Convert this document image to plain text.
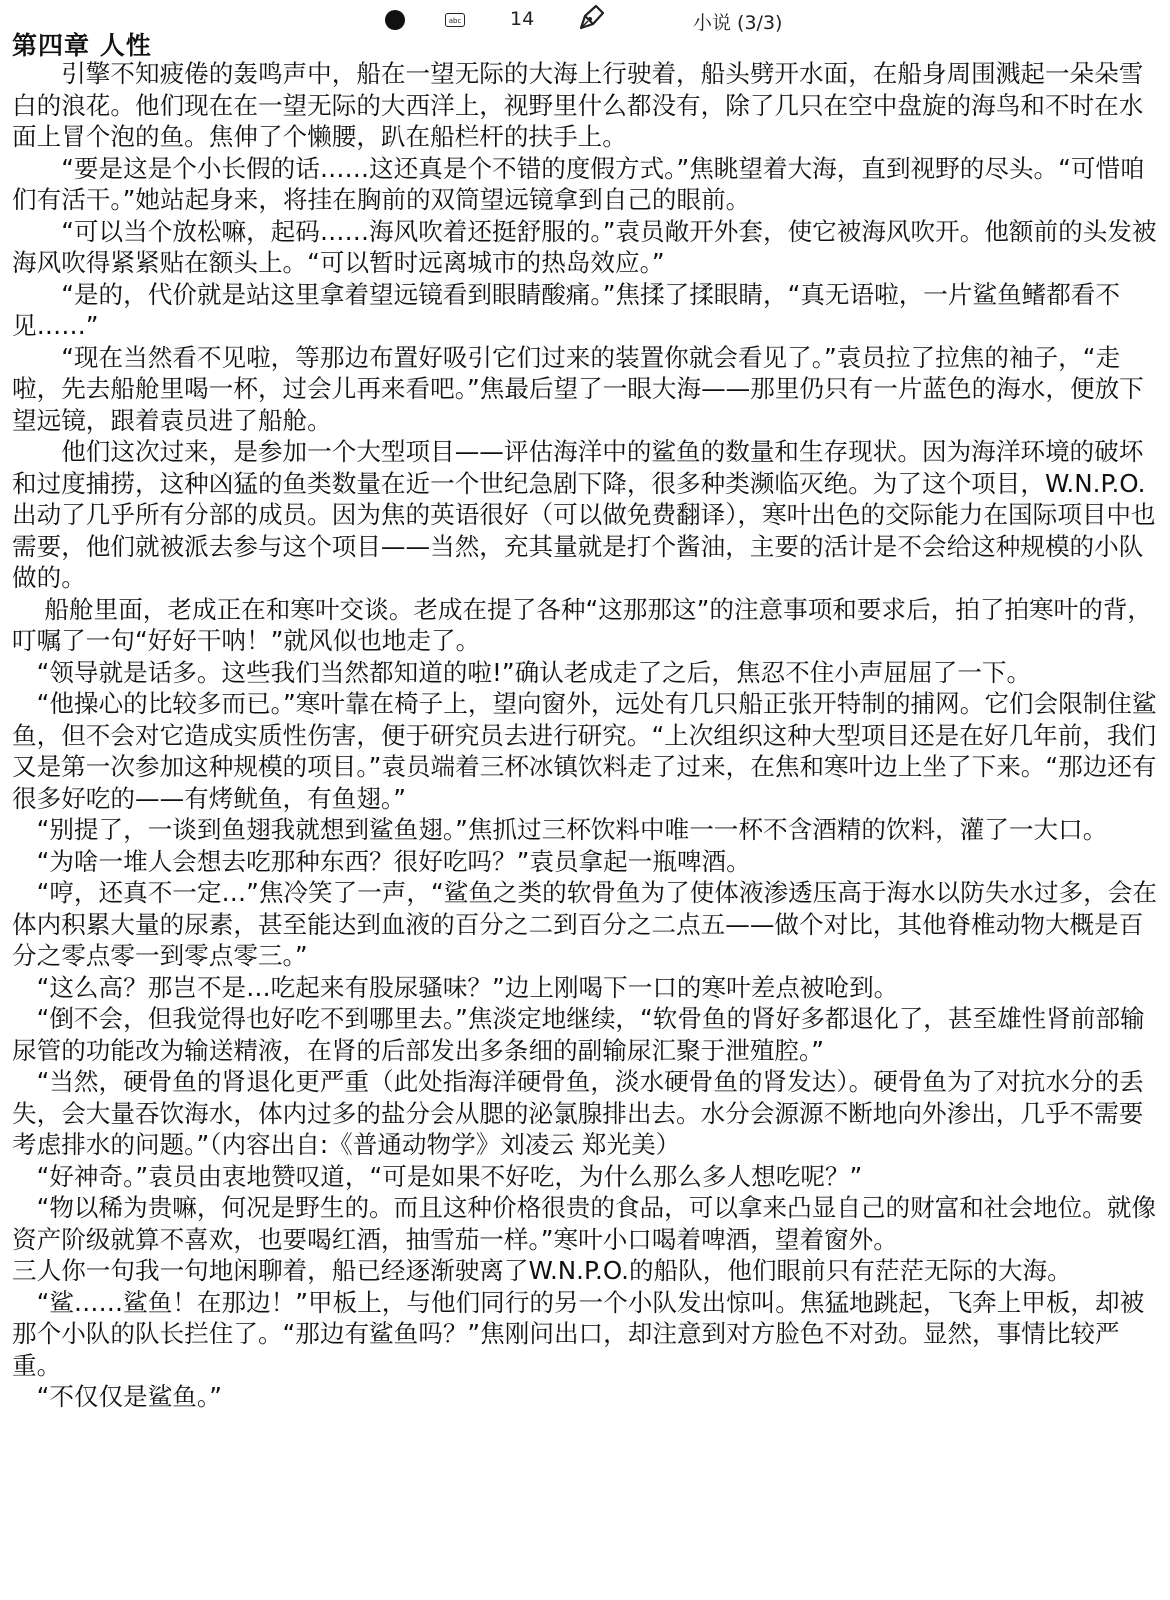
abc	14	小说 (3/3)
第四章 人性

　　引擎不知疲倦的轰鸣声中，船在一望无际的大海上行驶着，船头劈开水面，在船身周围溅起一朵朵雪白的浪花。他们现在在一望无际的大西洋上，视野里什么都没有，除了几只在空中盘旋的海鸟和不时在水面上冒个泡的鱼。焦伸了个懒腰，趴在船栏杆的扶手上。

　　“要是这是个小长假的话……这还真是个不错的度假方式。”焦眺望着大海，直到视野的尽头。“可惜咱们有活干。”她站起身来，将挂在胸前的双筒望远镜拿到自己的眼前。

　　“可以当个放松嘛，起码……海风吹着还挺舒服的。”袁员敞开外套，使它被海风吹开。他额前的头发被海风吹得紧紧贴在额头上。“可以暂时远离城市的热岛效应。”

　　“是的，代价就是站这里拿着望远镜看到眼睛酸痛。”焦揉了揉眼睛，“真无语啦，一片鲨鱼鳍都看不见……”

　　“现在当然看不见啦，等那边布置好吸引它们过来的装置你就会看见了。”袁员拉了拉焦的袖子，“走啦，先去船舱里喝一杯，过会儿再来看吧。”焦最后望了一眼大海——那里仍只有一片蓝色的海水，便放下望远镜，跟着袁员进了船舱。

　　他们这次过来，是参加一个大型项目——评估海洋中的鲨鱼的数量和生存现状。因为海洋环境的破坏和过度捕捞，这种凶猛的鱼类数量在近一个世纪急剧下降，很多种类濒临灭绝。为了这个项目，W.N.P.O.出动了几乎所有分部的成员。因为焦的英语很好（可以做免费翻译），寒叶出色的交际能力在国际项目中也需要，他们就被派去参与这个项目——当然，充其量就是打个酱油，主要的活计是不会给这种规模的小队做的。

　 船舱里面，老成正在和寒叶交谈。老成在提了各种“这那那这”的注意事项和要求后，拍了拍寒叶的背，叮嘱了一句“好好干呐！”就风似也地走了。

　“领导就是话多。这些我们当然都知道的啦!”确认老成走了之后，焦忍不住小声屈屈了一下。

　“他操心的比较多而已。”寒叶靠在椅子上，望向窗外，远处有几只船正张开特制的捕网。它们会限制住鲨鱼，但不会对它造成实质性伤害，便于研究员去进行研究。“上次组织这种大型项目还是在好几年前，我们又是第一次参加这种规模的项目。”袁员端着三杯冰镇饮料走了过来，在焦和寒叶边上坐了下来。“那边还有很多好吃的——有烤鱿鱼，有鱼翅。”

　“别提了，一谈到鱼翅我就想到鲨鱼翅。”焦抓过三杯饮料中唯一一杯不含酒精的饮料，灌了一大口。

　“为啥一堆人会想去吃那种东西？很好吃吗？”袁员拿起一瓶啤酒。

　“哼，还真不一定…”焦冷笑了一声，“鲨鱼之类的软骨鱼为了使体液渗透压高于海水以防失水过多，会在体内积累大量的尿素，甚至能达到血液的百分之二到百分之二点五——做个对比，其他脊椎动物大概是百分之零点零一到零点零三。”

　“这么高？那岂不是…吃起来有股尿骚味？”边上刚喝下一口的寒叶差点被呛到。

　“倒不会，但我觉得也好吃不到哪里去。”焦淡定地继续，“软骨鱼的肾好多都退化了，甚至雄性肾前部输尿管的功能改为输送精液，在肾的后部发出多条细的副输尿汇聚于泄殖腔。”

　“当然，硬骨鱼的肾退化更严重（此处指海洋硬骨鱼，淡水硬骨鱼的肾发达）。硬骨鱼为了对抗水分的丢失，会大量吞饮海水，体内过多的盐分会从腮的泌氯腺排出去。水分会源源不断地向外渗出，几乎不需要考虑排水的问题。”（内容出自:《普通动物学》刘凌云 郑光美）

　“好神奇。”袁员由衷地赞叹道，“可是如果不好吃，为什么那么多人想吃呢？”

　“物以稀为贵嘛，何况是野生的。而且这种价格很贵的食品，可以拿来凸显自己的财富和社会地位。就像资产阶级就算不喜欢，也要喝红酒，抽雪茄一样。”寒叶小口喝着啤酒，望着窗外。

三人你一句我一句地闲聊着，船已经逐渐驶离了W.N.P.O.的船队，他们眼前只有茫茫无际的大海。

　“鲨……鲨鱼！在那边！”甲板上，与他们同行的另一个小队发出惊叫。焦猛地跳起，飞奔上甲板，却被那个小队的队长拦住了。“那边有鲨鱼吗？”焦刚问出口，却注意到对方脸色不对劲。显然，事情比较严重。

　“不仅仅是鲨鱼。”
